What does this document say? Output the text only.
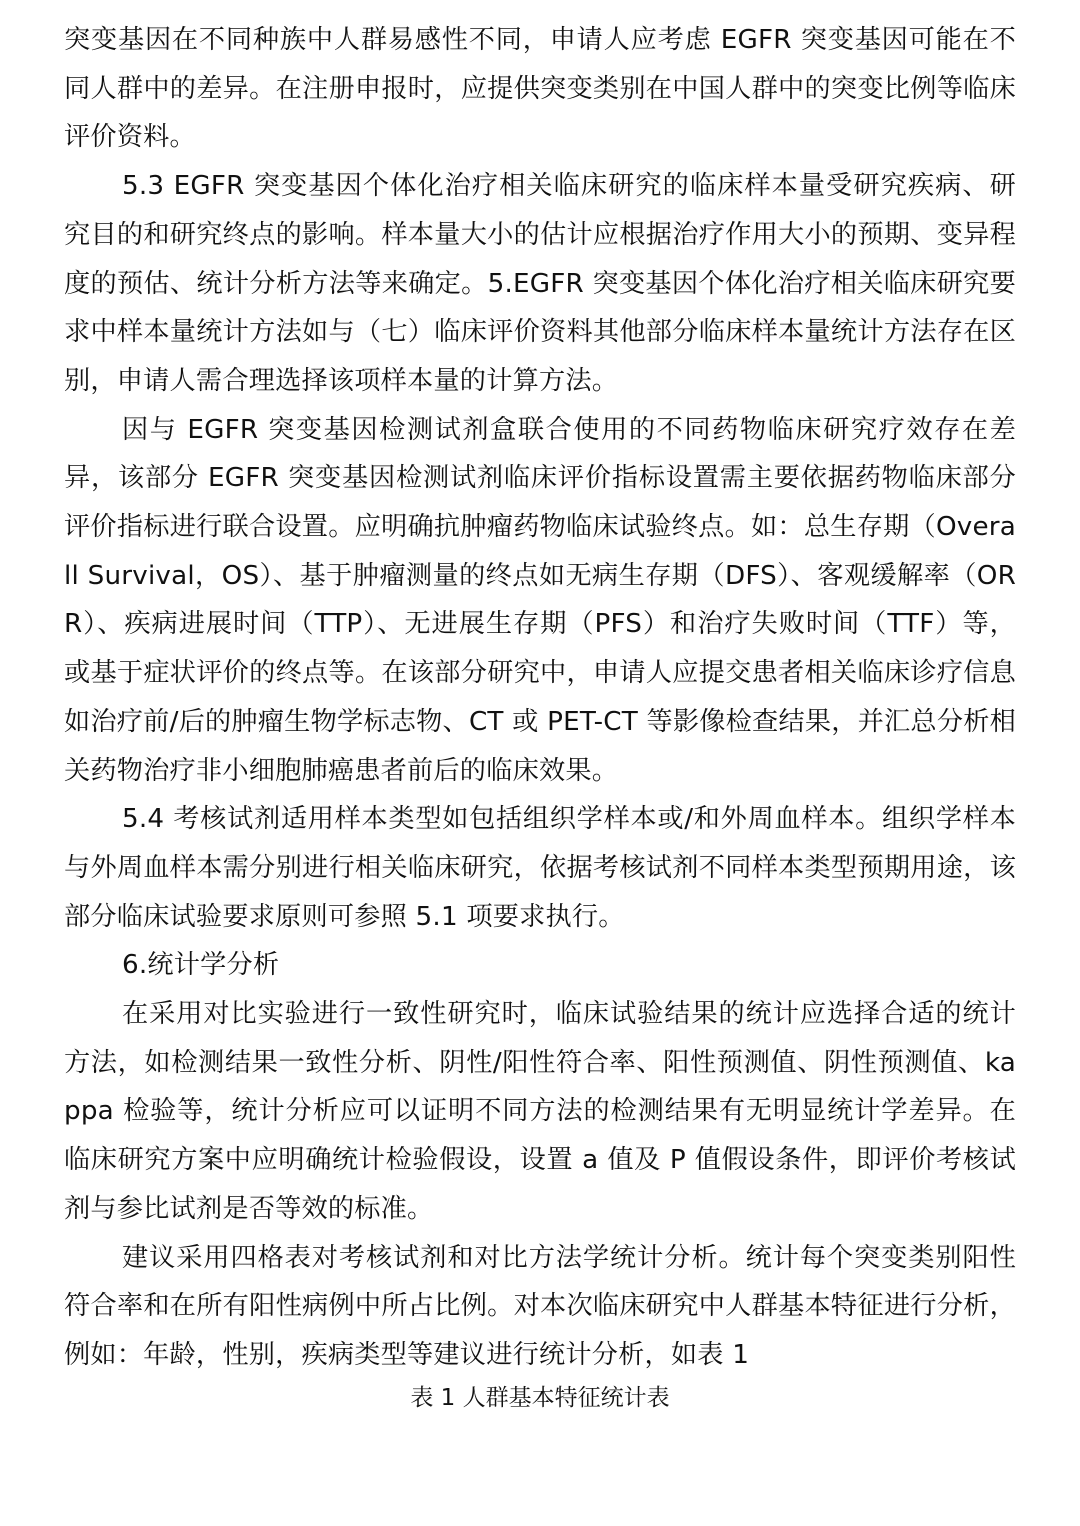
突变基因在不同种族中人群易感性不同，申请人应考虑 EGFR 突变基因可能在不同人群中的差异。在注册申报时，应提供突变类别在中国人群中的突变比例等临床评价资料。

5.3 EGFR 突变基因个体化治疗相关临床研究的临床样本量受研究疾病、研究目的和研究终点的影响。样本量大小的估计应根据治疗作用大小的预期、变异程度的预估、统计分析方法等来确定。5.EGFR 突变基因个体化治疗相关临床研究要求中样本量统计方法如与（七）临床评价资料其他部分临床样本量统计方法存在区别，申请人需合理选择该项样本量的计算方法。

因与 EGFR 突变基因检测试剂盒联合使用的不同药物临床研究疗效存在差异，该部分 EGFR 突变基因检测试剂临床评价指标设置需主要依据药物临床部分评价指标进行联合设置。应明确抗肿瘤药物临床试验终点。如：总生存期（Overall Survival，OS）、基于肿瘤测量的终点如无病生存期（DFS）、客观缓解率（ORR）、疾病进展时间（TTP）、无进展生存期（PFS）和治疗失败时间（TTF）等，或基于症状评价的终点等。在该部分研究中，申请人应提交患者相关临床诊疗信息如治疗前/后的肿瘤生物学标志物、CT 或 PET-CT 等影像检查结果，并汇总分析相关药物治疗非小细胞肺癌患者前后的临床效果。

5.4 考核试剂适用样本类型如包括组织学样本或/和外周血样本。组织学样本与外周血样本需分别进行相关临床研究，依据考核试剂不同样本类型预期用途，该部分临床试验要求原则可参照 5.1 项要求执行。

6.统计学分析

在采用对比实验进行一致性研究时，临床试验结果的统计应选择合适的统计方法，如检测结果一致性分析、阴性/阳性符合率、阳性预测值、阴性预测值、kappa 检验等，统计分析应可以证明不同方法的检测结果有无明显统计学差异。在临床研究方案中应明确统计检验假设，设置 a 值及 P 值假设条件，即评价考核试剂与参比试剂是否等效的标准。

建议采用四格表对考核试剂和对比方法学统计分析。统计每个突变类别阳性符合率和在所有阳性病例中所占比例。对本次临床研究中人群基本特征进行分析，例如：年龄，性别，疾病类型等建议进行统计分析，如表 1

表 1 人群基本特征统计表
